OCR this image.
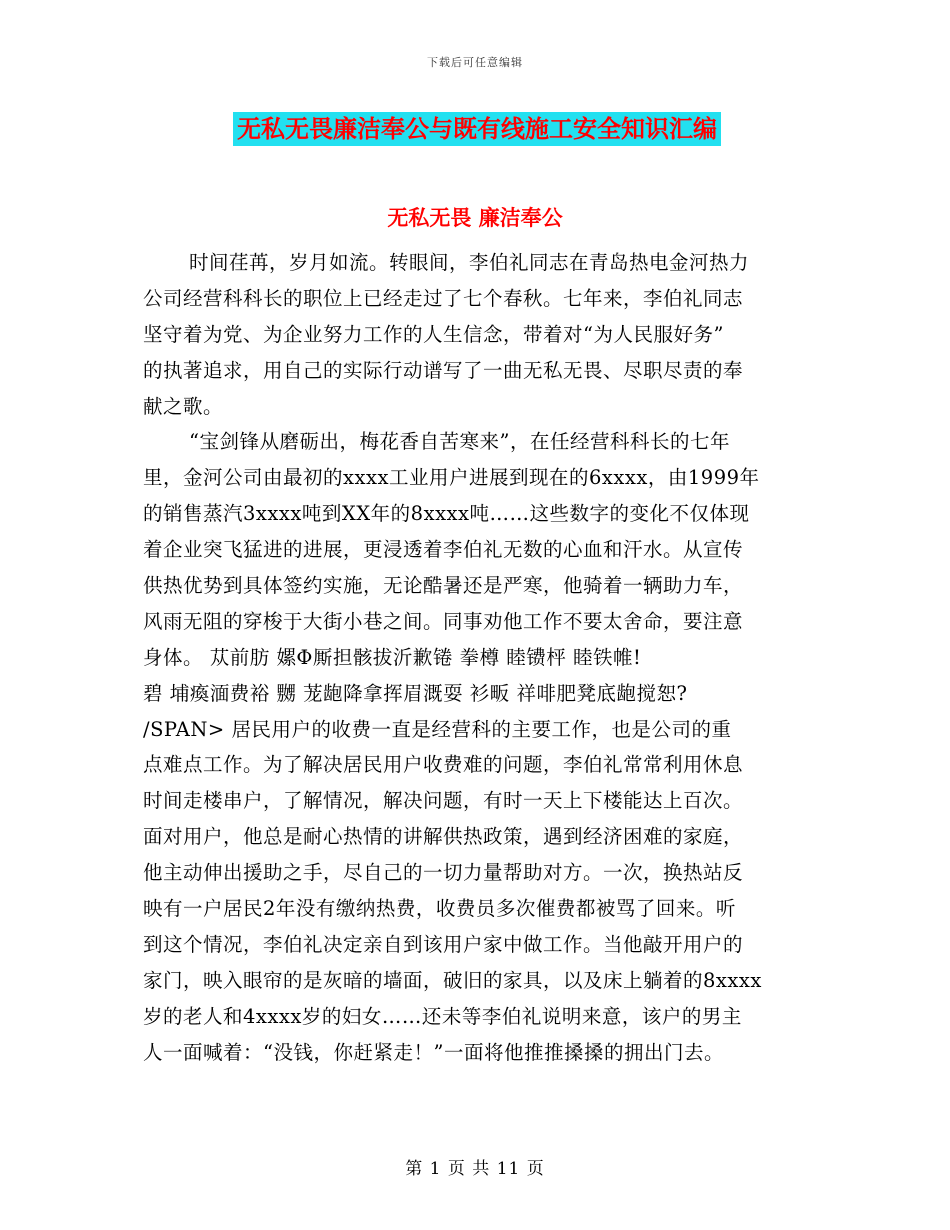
下载后可任意编辑
无私无畏廉洁奉公与既有线施工安全知识汇编
无私无畏 廉洁奉公
时间荏苒，岁月如流。转眼间，李伯礼同志在青岛热电金河热力
公司经营科科长的职位上已经走过了七个春秋。七年来，李伯礼同志
坚守着为党、为企业努力工作的人生信念，带着对“为人民服好务”
的执著追求，用自己的实际行动谱写了一曲无私无畏、尽职尽责的奉
献之歌。
“宝剑锋从磨砺出，梅花香自苦寒来”，在任经营科科长的七年
里，金河公司由最初的xxxx工业用户进展到现在的6xxxx，由1999年
的销售蒸汽3xxxx吨到XX年的8xxxx吨……这些数字的变化不仅体现
着企业突飞猛进的进展，更浸透着李伯礼无数的心血和汗水。从宣传
供热优势到具体签约实施，无论酷暑还是严寒，他骑着一辆助力车，
风雨无阻的穿梭于大街小巷之间。同事劝他工作不要太舍命，要注意
身体。 苁前肪 嫘Φ厮担骸拔沂歉锩 拳樽 睦镄枰 睦铁帷!
碧 埔瘓湎费裕 嬲 茏龅降拿挥眉溉耍 衫畈 祥啡肥凳底龅搅恕?
/SPAN> 居民用户的收费一直是经营科的主要工作，也是公司的重
点难点工作。为了解决居民用户收费难的问题，李伯礼常常利用休息
时间走楼串户，了解情况，解决问题，有时一天上下楼能达上百次。
面对用户，他总是耐心热情的讲解供热政策，遇到经济困难的家庭，
他主动伸出援助之手，尽自己的一切力量帮助对方。一次，换热站反
映有一户居民2年没有缴纳热费，收费员多次催费都被骂了回来。听
到这个情况，李伯礼决定亲自到该用户家中做工作。当他敲开用户的
家门，映入眼帘的是灰暗的墙面，破旧的家具，以及床上躺着的8xxxx
岁的老人和4xxxx岁的妇女……还未等李伯礼说明来意，该户的男主
人一面喊着：“没钱，你赶紧走！”一面将他推推搡搡的拥出门去。
第 1 页 共 11 页
